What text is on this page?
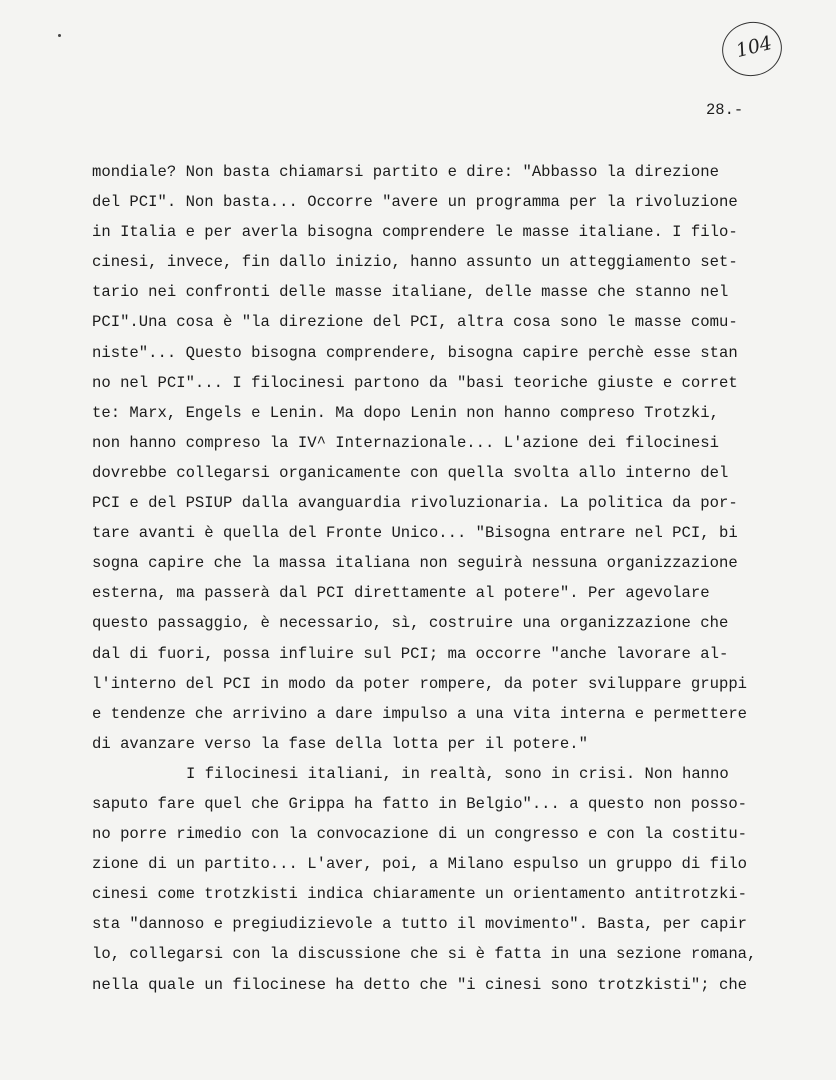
104
28.-
mondiale? Non basta chiamarsi partito e dire: "Abbasso la direzione
del PCI". Non basta... Occorre "avere un programma per la rivoluzione
in Italia e per averla bisogna comprendere le masse italiane. I filo-
cinesi, invece, fin dallo inizio, hanno assunto un atteggiamento set-
tario nei confronti delle masse italiane, delle masse che stanno nel
PCI".Una cosa è "la direzione del PCI, altra cosa sono le masse comu-
niste"... Questo bisogna comprendere, bisogna capire perchè esse stan
no nel PCI"... I filocinesi partono da "basi teoriche giuste e corret
te: Marx, Engels e Lenin. Ma dopo Lenin non hanno compreso Trotzki,
non hanno compreso la IV^ Internazionale... L'azione dei filocinesi
dovrebbe collegarsi organicamente con quella svolta allo interno del
PCI e del PSIUP dalla avanguardia rivoluzionaria. La politica da por-
tare avanti è quella del Fronte Unico... "Bisogna entrare nel PCI, bi
sogna capire che la massa italiana non seguirà nessuna organizzazione
esterna, ma passerà dal PCI direttamente al potere". Per agevolare
questo passaggio, è necessario, sì, costruire una organizzazione che
dal di fuori, possa influire sul PCI; ma occorre "anche lavorare al-
l'interno del PCI in modo da poter rompere, da poter sviluppare gruppi
e tendenze che arrivino a dare impulso a una vita interna e permettere
di avanzare verso la fase della lotta per il potere."
I filocinesi italiani, in realtà, sono in crisi. Non hanno
saputo fare quel che Grippa ha fatto in Belgio"... a questo non posso-
no porre rimedio con la convocazione di un congresso e con la costitu-
zione di un partito... L'aver, poi, a Milano espulso un gruppo di filo
cinesi come trotzkisti indica chiaramente un orientamento antitrotzki-
sta "dannoso e pregiudizievole a tutto il movimento". Basta, per capir
lo, collegarsi con la discussione che si è fatta in una sezione romana,
nella quale un filocinese ha detto che "i cinesi sono trotzkisti"; che
